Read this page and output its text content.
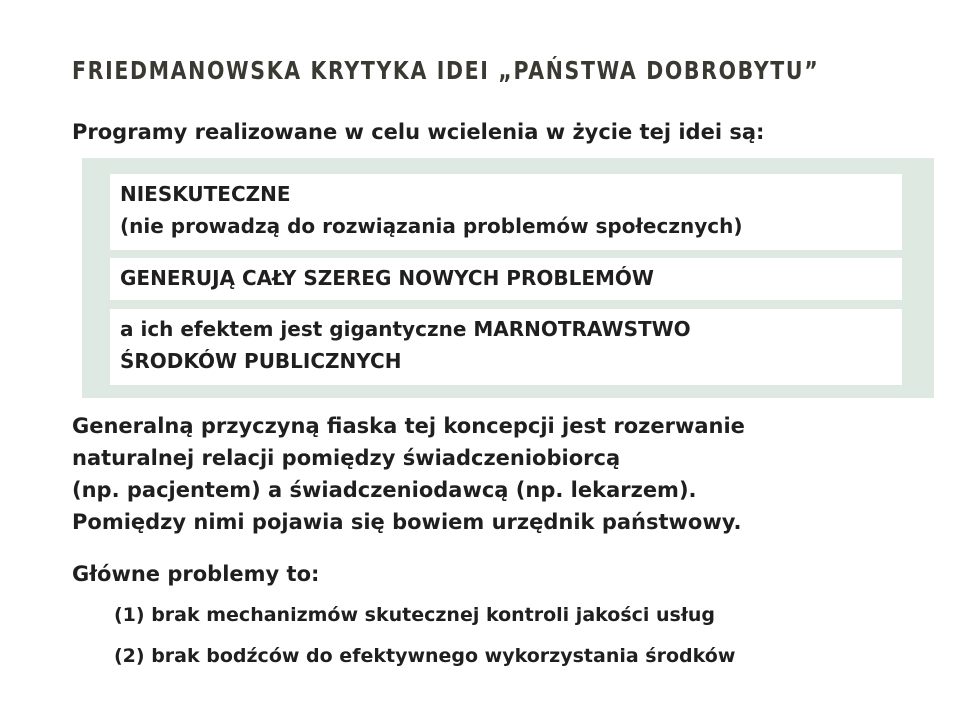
FRIEDMANOWSKA KRYTYKA IDEI „PAŃSTWA DOBROBYTU”
Programy realizowane w celu wcielenia w życie tej idei są:
NIESKUTECZNE
(nie prowadzą do rozwiązania problemów społecznych)
GENERUJĄ CAŁY SZEREG NOWYCH PROBLEMÓW
a ich efektem jest gigantyczne MARNOTRAWSTWO
ŚRODKÓW PUBLICZNYCH
Generalną przyczyną fiaska tej koncepcji jest rozerwanie
naturalnej relacji pomiędzy świadczeniobiorcą
(np. pacjentem) a świadczeniodawcą (np. lekarzem).
Pomiędzy nimi pojawia się bowiem urzędnik państwowy.
Główne problemy to:
(1) brak mechanizmów skutecznej kontroli jakości usług
(2) brak bodźców do efektywnego wykorzystania środków
